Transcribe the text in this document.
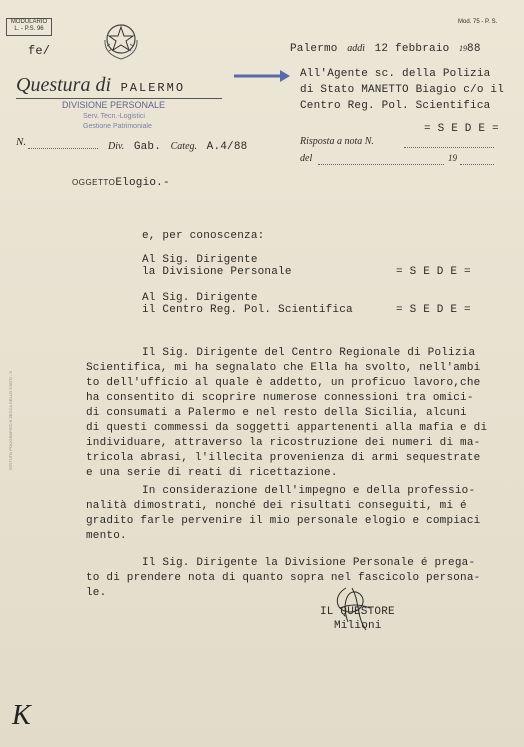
MODULARIO
L. - P.S. 96
fe/
Questura di PALERMO
DIVISIONE PERSONALE
Serv. Tecn.-Logistici
Gestione Patrimoniale
N.	Div. Gab. Categ. A.4/88
OGGETTOElogio.-
Mod. 75 - P. S.
Palermo addì 12 febbraio 1988
All'Agente sc. della Polizia
di Stato MANETTO Biagio c/o il
Centro Reg. Pol. Scientifica
= S E D E =
Risposta a nota N.
del	19
e, per conoscenza:
Al Sig. Dirigente
la Divisione Personale	= S E D E =
Al Sig. Dirigente
il Centro Reg. Pol. Scientifica	= S E D E =
Il Sig. Dirigente del Centro Regionale di Polizia
Scientifica, mi ha segnalato che Ella ha svolto, nell'ambi
to dell'ufficio al quale è addetto, un proficuo lavoro,che
ha consentito di scoprire numerose connessioni tra omici-
di consumati a Palermo e nel resto della Sicilia, alcuni
di questi commessi da soggetti appartenenti alla mafia e di
individuare, attraverso la ricostruzione dei numeri di ma-
tricola abrasi, l'illecita provenienza di armi sequestrate
e una serie di reati di ricettazione.
In considerazione dell'impegno e della professio-
nalità dimostrati, nonché dei risultati conseguiti, mi é
gradito farle pervenire il mio personale elogio e compiaci
mento.
Il Sig. Dirigente la Divisione Personale é prega-
to di prendere nota di quanto sopra nel fascicolo persona-
le.
IL QUESTORE
Milioni
ISTITUTO POLIGRAFICO E ZECCA DELLO STATO - S
K
